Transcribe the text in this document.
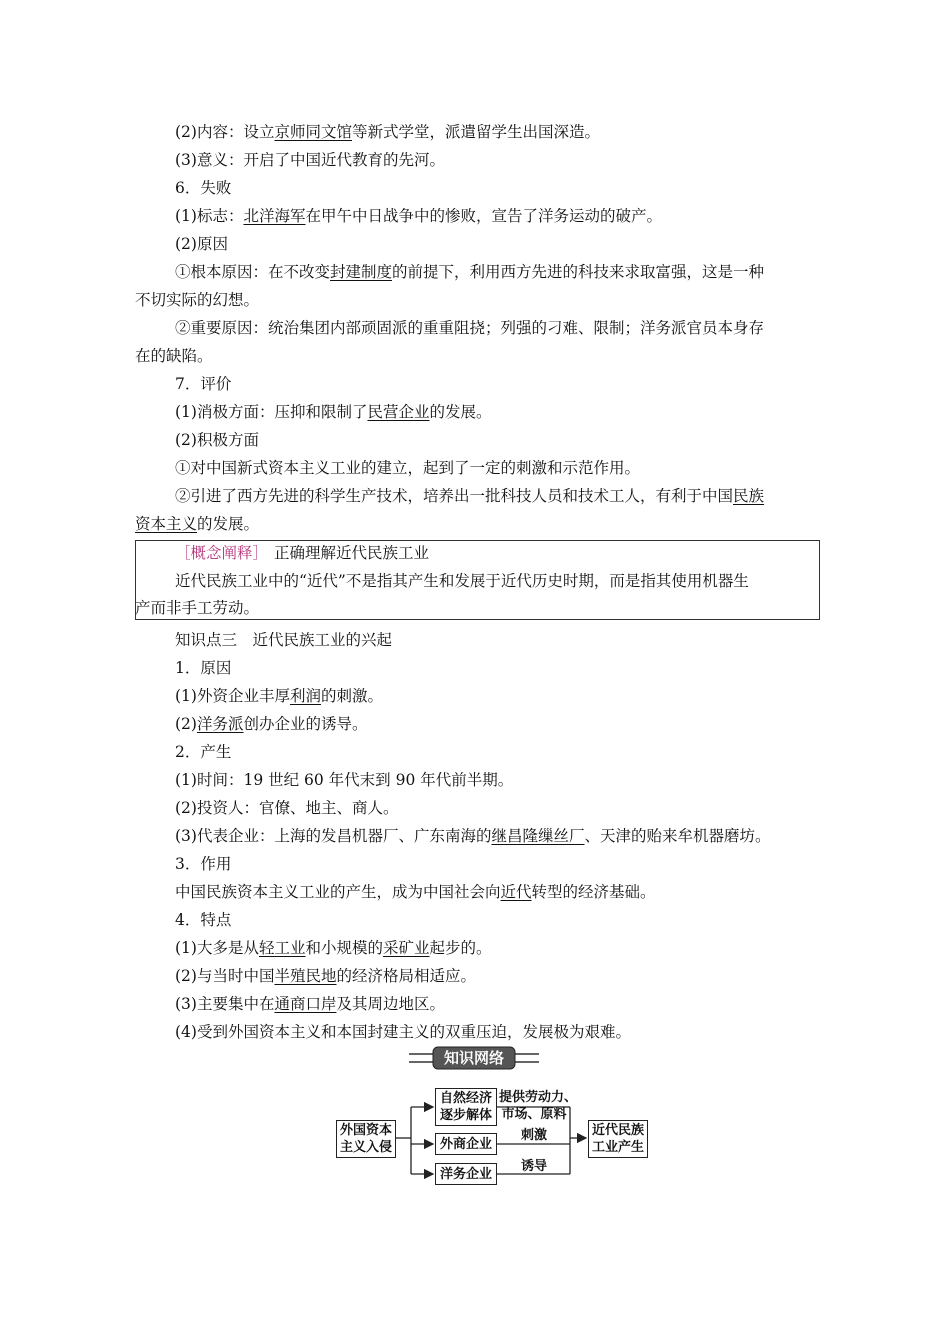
(2)内容：设立京师同文馆等新式学堂，派遣留学生出国深造。
(3)意义：开启了中国近代教育的先河。
6．失败
(1)标志：北洋海军在甲午中日战争中的惨败，宣告了洋务运动的破产。
(2)原因
①根本原因：在不改变封建制度的前提下，利用西方先进的科技来求取富强，这是一种
不切实际的幻想。
②重要原因：统治集团内部顽固派的重重阻挠；列强的刁难、限制；洋务派官员本身存
在的缺陷。
7．评价
(1)消极方面：压抑和限制了民营企业的发展。
(2)积极方面
①对中国新式资本主义工业的建立，起到了一定的刺激和示范作用。
②引进了西方先进的科学生产技术，培养出一批科技人员和技术工人，有利于中国民族
资本主义的发展。
［概念阐释］ 正确理解近代民族工业
近代民族工业中的“近代”不是指其产生和发展于近代历史时期，而是指其使用机器生
产而非手工劳动。
知识点三　近代民族工业的兴起
1．原因
(1)外资企业丰厚利润的刺激。
(2)洋务派创办企业的诱导。
2．产生
(1)时间：19 世纪 60 年代末到 90 年代前半期。
(2)投资人：官僚、地主、商人。
(3)代表企业：上海的发昌机器厂、广东南海的继昌隆缫丝厂、天津的贻来牟机器磨坊。
3．作用
中国民族资本主义工业的产生，成为中国社会向近代转型的经济基础。
4．特点
(1)大多是从轻工业和小规模的采矿业起步的。
(2)与当时中国半殖民地的经济格局相适应。
(3)主要集中在通商口岸及其周边地区。
(4)受到外国资本主义和本国封建主义的双重压迫，发展极为艰难。
知识网络
外国资本
主义入侵
自然经济
逐步解体
外商企业
洋务企业
近代民族
工业产生
提供劳动力、
市场、原料
刺激
诱导
